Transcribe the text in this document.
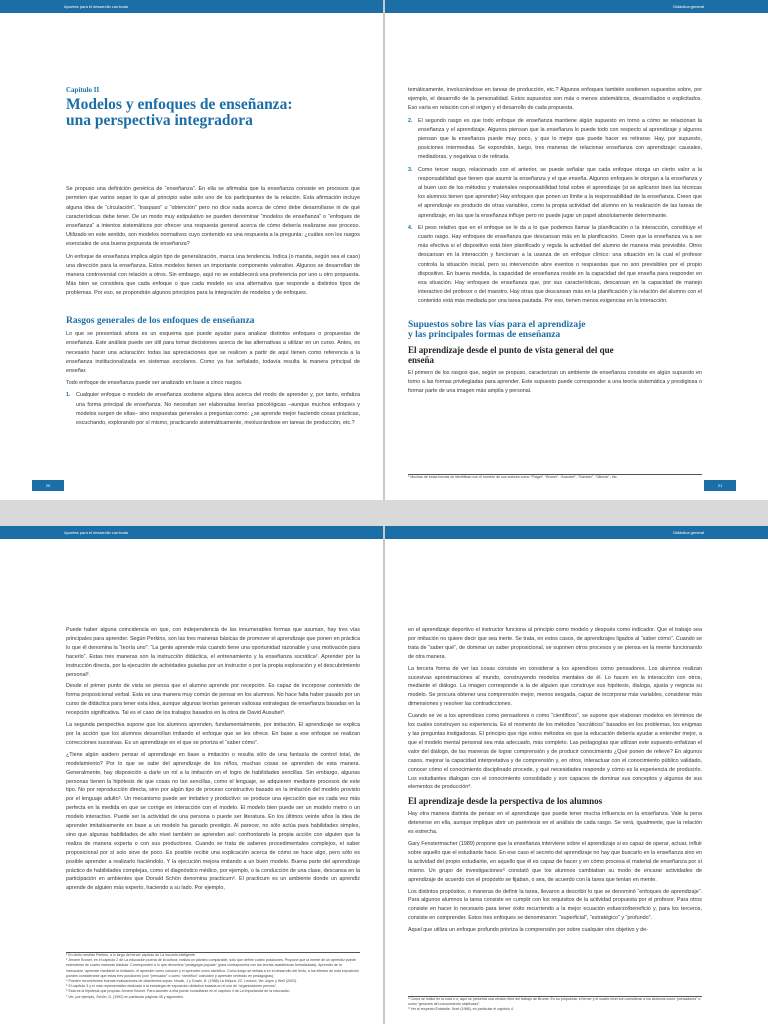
Apuntes para el desarrollo curricular	Didáctica general
Capítulo II
Modelos y enfoques de enseñanza:
una perspectiva integradora

Se propuso una definición genérica de “enseñanza”. En ella se afirmaba que la enseñanza consiste en procesos que permiten que varios sepan lo que al principio sabe solo uno de los participantes de la relación. Esta afirmación incluye alguna idea de “circulación”, “traspaso” u “obtención” pero no dice nada acerca de cómo debe desarrollarse ni de qué características debe tener. De un modo muy estipulativo se pueden denominar “modelos de enseñanza” o “enfoques de enseñanza” a intentos sistemáticos por ofrecer una respuesta general acerca de cómo debería realizarse ese proceso. Utilizado en este sentido, son modelos normativos cuyo contenido es una respuesta a la pregunta: ¿cuáles son los rasgos esenciales de una buena propuesta de enseñanza?

Un enfoque de enseñanza implica algún tipo de generalización, marca una tendencia. Indica (o manda, según sea el caso) una dirección para la enseñanza. Estos modelos tienen un importante componente valorativo. Algunos se desarrollan de manera controversial con relación a otros. Sin embargo, aquí no se establecerá una preferencia por uno u otro propuesta. Más bien se considera que cada enfoque o que cada modelo es una alternativa que responde a distintos tipos de problemas. Por eso, se propondrán algunos principios para la integración de modelos y de enfoques.

Rasgos generales de los enfoques de enseñanza

Lo que se presentará ahora es un esquema que puede ayudar para analizar distintos enfoques o propuestas de enseñanza. Este análisis puede ser útil para tomar decisiones acerca de las alternativas a utilizar en un curso. Antes, es necesario hacer una aclaración: todas las apreciaciones que se realicen a partir de aquí tienen como referencia a la enseñanza institucionalizada en sistemas escolares. Como ya fue señalado, todavía resulta la manera principal de enseñar.

Todo enfoque de enseñanza puede ser analizado en base a cinco rasgos.

1.	Cualquier enfoque o modelo de enseñanza sostiene alguna idea acerca del modo de aprender y, por tanto, enfatiza una forma principal de enseñanza. No necesitan ser elaboradas teorías psicológicas –aunque muchos enfoques y modelos surgen de ellas– sino respuestas generales a preguntas como: ¿se aprende mejor haciendo cosas prácticas, escuchando, explorando por sí mismo, practicando sistemáticamente, involucrándose en tareas de producción, etc.?
20

temáticamente, involucrándose en tareas de producción, etc.? Algunos enfoques también sostienen supuestos sobre, por ejemplo, el desarrollo de la personalidad. Estos supuestos son más o menos sistemáticos, desarrollados o explicitados. Eso varía en relación con el origen y el desarrollo de cada propuesta.

2.	El segundo rasgo es que todo enfoque de enseñanza mantiene algún supuesto en torno a cómo se relacionan la enseñanza y el aprendizaje. Algunos piensan que la enseñanza lo puede todo con respecto al aprendizaje y algunos piensan que la enseñanza puede muy poco, y que lo mejor que puede hacer es retirarse. Hay, por supuesto, posiciones intermedias. Se expondrán, luego, tres maneras de relacionar enseñanza con aprendizaje: causales, mediadoras, y negativas o de retirada.
3.	Como tercer rasgo, relacionado con el anterior, se puede señalar que cada enfoque otorga un cierto valor a la responsabilidad que tienen que asumir la enseñanza y el que enseña. Algunos enfoques le otorgan a la enseñanza y al buen uso de los métodos y materiales responsabilidad total sobre el aprendizaje (si se aplicaron bien las técnicas los alumnos tienen que aprender) Hay enfoques que ponen un límite a la responsabilidad de la enseñanza. Creen que el aprendizaje es producto de otras variables, como la propia actividad del alumno en la realización de las tareas de aprendizaje, en las que la enseñanza influye pero no puede jugar un papel absolutamente determinante.
4.	El peso relativo que en el enfoque se le da a lo que podemos llamar la planificación o la interacción, constituye el cuarto rasgo. Hay enfoques de enseñanza que descansan más en la planificación. Creen que la enseñanza va a ser más efectiva si el dispositivo está bien planificado y regula la actividad del alumno de manera más previsible. Otros descansan en la interacción y funcionan a la usanza de un enfoque clínico: una situación en la cual el profesor controla la situación inicial, pero su intervención abre eventos o respuestas que no son previsibles por el propio dispositivo. En buena medida, la capacidad de enseñanza reside en la capacidad del que enseña para responder en esa situación. Hay enfoques de enseñanza que, por sus características, descansan en la capacidad de manejo interactivo del profesor o del maestro. Hay otras que descansan más en la planificación y la relación del alumno con el contenido está más mediada por una tarea pautada. Por eso, tienen menos exigencias en la interacción.
Supuestos sobre las vías para el aprendizaje
y las principales formas de enseñanza
El aprendizaje desde el punto de vista general del que
enseña

El primero de los rasgos que, según se propuso, caracterizan un ambiente de enseñanza consiste en algún supuesto en torno a las formas privilegiadas para aprender. Este supuesto puede corresponder a una teoría sistemática y prestigiosa o formar parte de una imagen más amplia y personal.

¹ Muchas de estas formas se identifican con el nombre de sus autores como “Piaget”, “Bruner”, “Ausubel”, “Gardner”, “Skinner”, etc.

21
Apuntes para el desarrollo curricular	Didáctica general

Puede haber alguna coincidencia en que, con independencia de las innumerables formas que asuman, hay tres vías principales para aprender. Según Perkins, son las tres maneras básicas de promover el aprendizaje que ponen en práctica lo que él denomina la “teoría uno”: “La gente aprende más cuando tiene una oportunidad razonable y una motivación para hacerlo”. Estas tres maneras son la instrucción didáctica, el entrenamiento y la enseñanza socrática². Aprender por la instrucción directa, por la ejecución de actividades guiadas por un instructor o por la propia exploración y el descubrimiento personal³.

Desde el primer punto de vista se piensa que el alumno aprende por recepción. Es capaz de incorporar contenido de forma proposicional verbal. Esta es una manera muy común de pensar en los alumnos. No hace falta haber pasado por un curso de didáctica para tener esta idea, aunque algunas teorías generan valiosas estrategias de enseñanza basadas en la recepción significativa. Tal es el caso de los trabajos basados en la obra de David Ausubel⁴.

La segunda perspectiva supone que los alumnos aprenden, fundamentalmente, por imitación. El aprendizaje se explica por la acción que los alumnos desarrollan imitando el enfoque que se les ofrece. En base a ese enfoque se realizan correcciones sucesivas. Es un aprendizaje en el que se prioriza el “saber cómo”.

¿Tiene algún asidero pensar el aprendizaje en base a imitación o resulta sólo de una fantasía de control total, de modelamiento? Por lo que se sabe del aprendizaje de los niños, muchas cosas se aprenden de esta manera. Generalmente, hay disposición a darle un rol a la imitación en el logro de habilidades sencillas. Sin embargo, algunas personas tienen la hipótesis de que cosas no tan sencillas, como el lenguaje, se adquieren mediante procesos de este tipo. No por reproducción directa, sino por algún tipo de proceso constructivo basado en la imitación del modelo provisto por el lenguaje adulto⁵. Un mecanismo puede ser imitativo y productivo: se produce una ejecución que es cada vez más perfecta en la medida en que se corrige en interacción con el modelo. El modelo bien puede ser un modelo metro o un modelo interactivo. Puede ser la actividad de una persona o puede ser literatura. En los últimos veinte años la idea de aprender imitativamente en base a un modelo ha ganado prestigio. Al parecer, no sólo actúa para habilidades simples, sino que algunas habilidades de alto nivel también se aprenden así: confrontando la propia acción con alguien que la realiza de manera experta o con sus productores. Cuando se trata de saberes procedimentales complejos, el saber proposicional por sí solo sirve de poco. Es posible recibir una explicación acerca de cómo se hace algo, pero sólo es posible aprender a realizarlo haciéndolo. Y la ejecución mejora imitando a un buen modelo. Buena parte del aprendizaje práctico de habilidades complejas, como el diagnóstico médico, por ejemplo, o la conducción de una clase, descansa en la participación en ambientes que Donald Schön denomina practicum⁶. El practicum es un ambiente donde un aprendiz aprende de alguien más experto, haciendo a su lado. Por ejemplo,

² En cierto sentido Perkins, a lo largo del tercer capítulo de La escuela inteligente.

³ Jerome Bruner, en el capítulo 2 de La educación puerta de la cultura, realiza un planteo comparable, sólo que define cuatro posiciones. Propone que la mente de un aprendiz puede entenderse de cuatro maneras básicas. Corresponden a lo que denomina “pedagogía popular” (para contraponerla con las teorías académicas formalizadas). Aprender de la instrucción, aprender mediante la imitación, el aprender como conocer y el aprender como científico. Como luego se señala a en el desarrollo del texto, a los efectos de esta exposición pueden considerarse que estas tres posiciones (con “pensador” o como “científico” coinciden y aprender centrado en pedagogías).

⁴ Pueden reconstruirse buenas evaluaciones de citas/textos sopas: Novak, J y Gowin, B. (1988) La Mejora, 2C. Lectord, Ver Joyce y Weil (2002).

⁵ El capítulo 3 y el más representativo dedicado a la estrategia de exposición didáctica basada en el uso de “organizadores previos”.

⁶ Esta es la hipótesis que propuso Jerome Bruner. Para acceder a ella puede consultarse en el capítulo 4 de La importancia de la educación.

⁷ Ver, por ejemplo, Schön, D. (1992) en particular páginas 45 y siguientes.

en el aprendizaje deportivo el instructor funciona al principio como modelo y después como indicador. Que el trabajo sea por imitación no quiere decir que sea inerte. Se trata, en estos casos, de aprendizajes ligados al “saber cómo”. Cuando se trata de “saber qué”, de dominar un saber proposicional, se suponen otros procesos y se piensa en la mente funcionando de otra manera.

La tercera forma de ver las cosas consiste en considerar a los aprendices como pensadores. Los alumnos realizan sucesivas aproximaciones al mundo, construyendo modelos mentales de él. Lo hacen en la interacción con otros, mediante el diálogo. La imagen corresponde a la de alguien que construye sus hipótesis, dialoga, ajusta y negocia su modelo. Se procura obtener una comprensión mejor, menos sesgada, capaz de incorporar más variables, considerar más dimensiones y resolver las contradicciones.

Cuando se ve a los aprendices como pensadores o como “científicos”, se supone que elaboran modelos en términos de los cuales construyen su experiencia. Es el momento de los métodos “socráticos” basados en los problemas, los enigmas y las preguntas instigadoras. El principio que rige estos métodos es que la educación debería ayudar a entender mejor, a que el modelo mental personal sea más adecuado, más completo. Las pedagogías que utilizan este supuesto enfatizan el valor del diálogo, de las maneras de lograr comprensión y de producir conocimiento ¿Qué ponen de relieve? En algunos casos, mejorar la capacidad interpretativa y de comprensión y, en otros, interactuar con el conocimiento público validado, conocer cómo el conocimiento disciplinado procede, y qué necesidades responde y cómo es la experiencia de producirlo. Los estudiantes dialogan con el conocimiento consolidado y son capaces de dominar sus conceptos y algunos de sus elementos de producción⁸.

El aprendizaje desde la perspectiva de los alumnos

Hay otra manera distinta de pensar en el aprendizaje que puede tener mucha influencia en la enseñanza. Vale la pena detenerse en ella, aunque implique abrir un paréntesis en el análisis de cada rasgo. Se verá, igualmente, que la relación es estrecha.

Gary Fenstermacher (1989) propone que la enseñanza interviene sobre el aprendizaje si es capaz de operar, actuar, influir sobre aquello que el estudiante hace. En ese caso el secreto del aprendizaje no hay que buscarlo en la enseñanza sino en la actividad del propio estudiante, en aquello que él es capaz de hacer y en cómo procesa el material de enseñanza por sí mismo. Un grupo de investigaciones⁹ constató que los alumnos cambiaban su modo de encarar actividades de aprendizaje de acuerdo con el propósito se fijaban, o sea, de acuerdo con la tarea que tenían en mente.

Los distintos propósitos, o maneras de definir la tarea, llevaron a describir lo que se denominó “enfoques de aprendizaje”. Para algunos alumnos la tarea consiste en cumplir con los requisitos de la actividad propuesta por el profesor. Para otros consiste en hacer lo necesario para tener éxito recurriendo a la mejor ecuación esfuerzo/beneficio y, para los terceros, consiste en comprender. Estos tres enfoques se denominaron: “superficial”, “estratégico” y “profundo”.

Aquel que utiliza un enfoque profundo prioriza la comprensión por sobre cualquier otro objetivo y de-

⁸ Como se indicó en la nota n.o, aquí se presenta una versión libre del trabajo de Bruner. En su propuesta, el tercer y el cuarto nivel son considerar a los alumnos como “pensadores” o como “gestores del conocimiento objetivado”.

⁹ Ver al respecto Entwistle, Noel (1988), en particular el capítulo 4.
